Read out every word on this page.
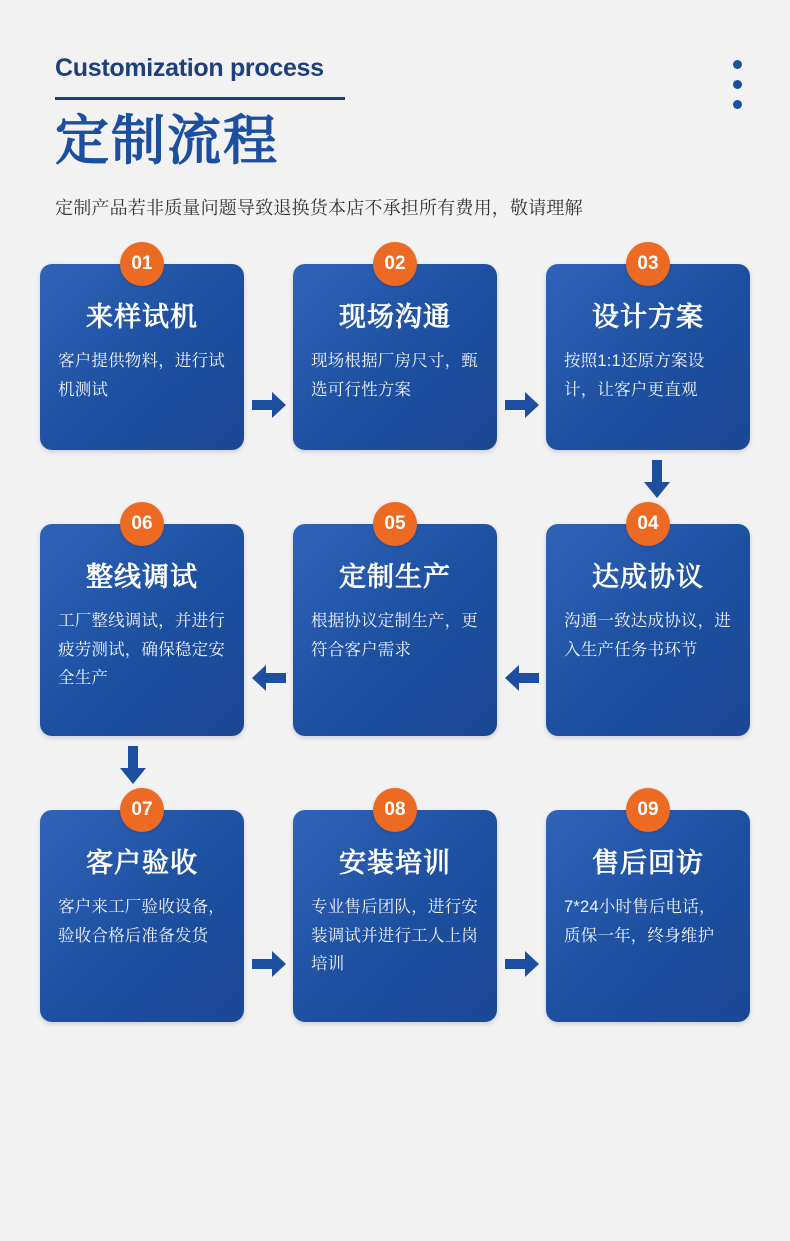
Customization process
定制流程
定制产品若非质量问题导致退换货本店不承担所有费用，敬请理解
01
来样试机
客户提供物料，进行试机测试
02
现场沟通
现场根据厂房尺寸，甄选可行性方案
03
设计方案
按照1:1还原方案设计，让客户更直观
06
整线调试
工厂整线调试，并进行疲劳测试，确保稳定安全生产
05
定制生产
根据协议定制生产，更符合客户需求
04
达成协议
沟通一致达成协议，进入生产任务书环节
07
客户验收
客户来工厂验收设备，验收合格后准备发货
08
安装培训
专业售后团队，进行安装调试并进行工人上岗培训
09
售后回访
7*24小时售后电话，质保一年，终身维护
